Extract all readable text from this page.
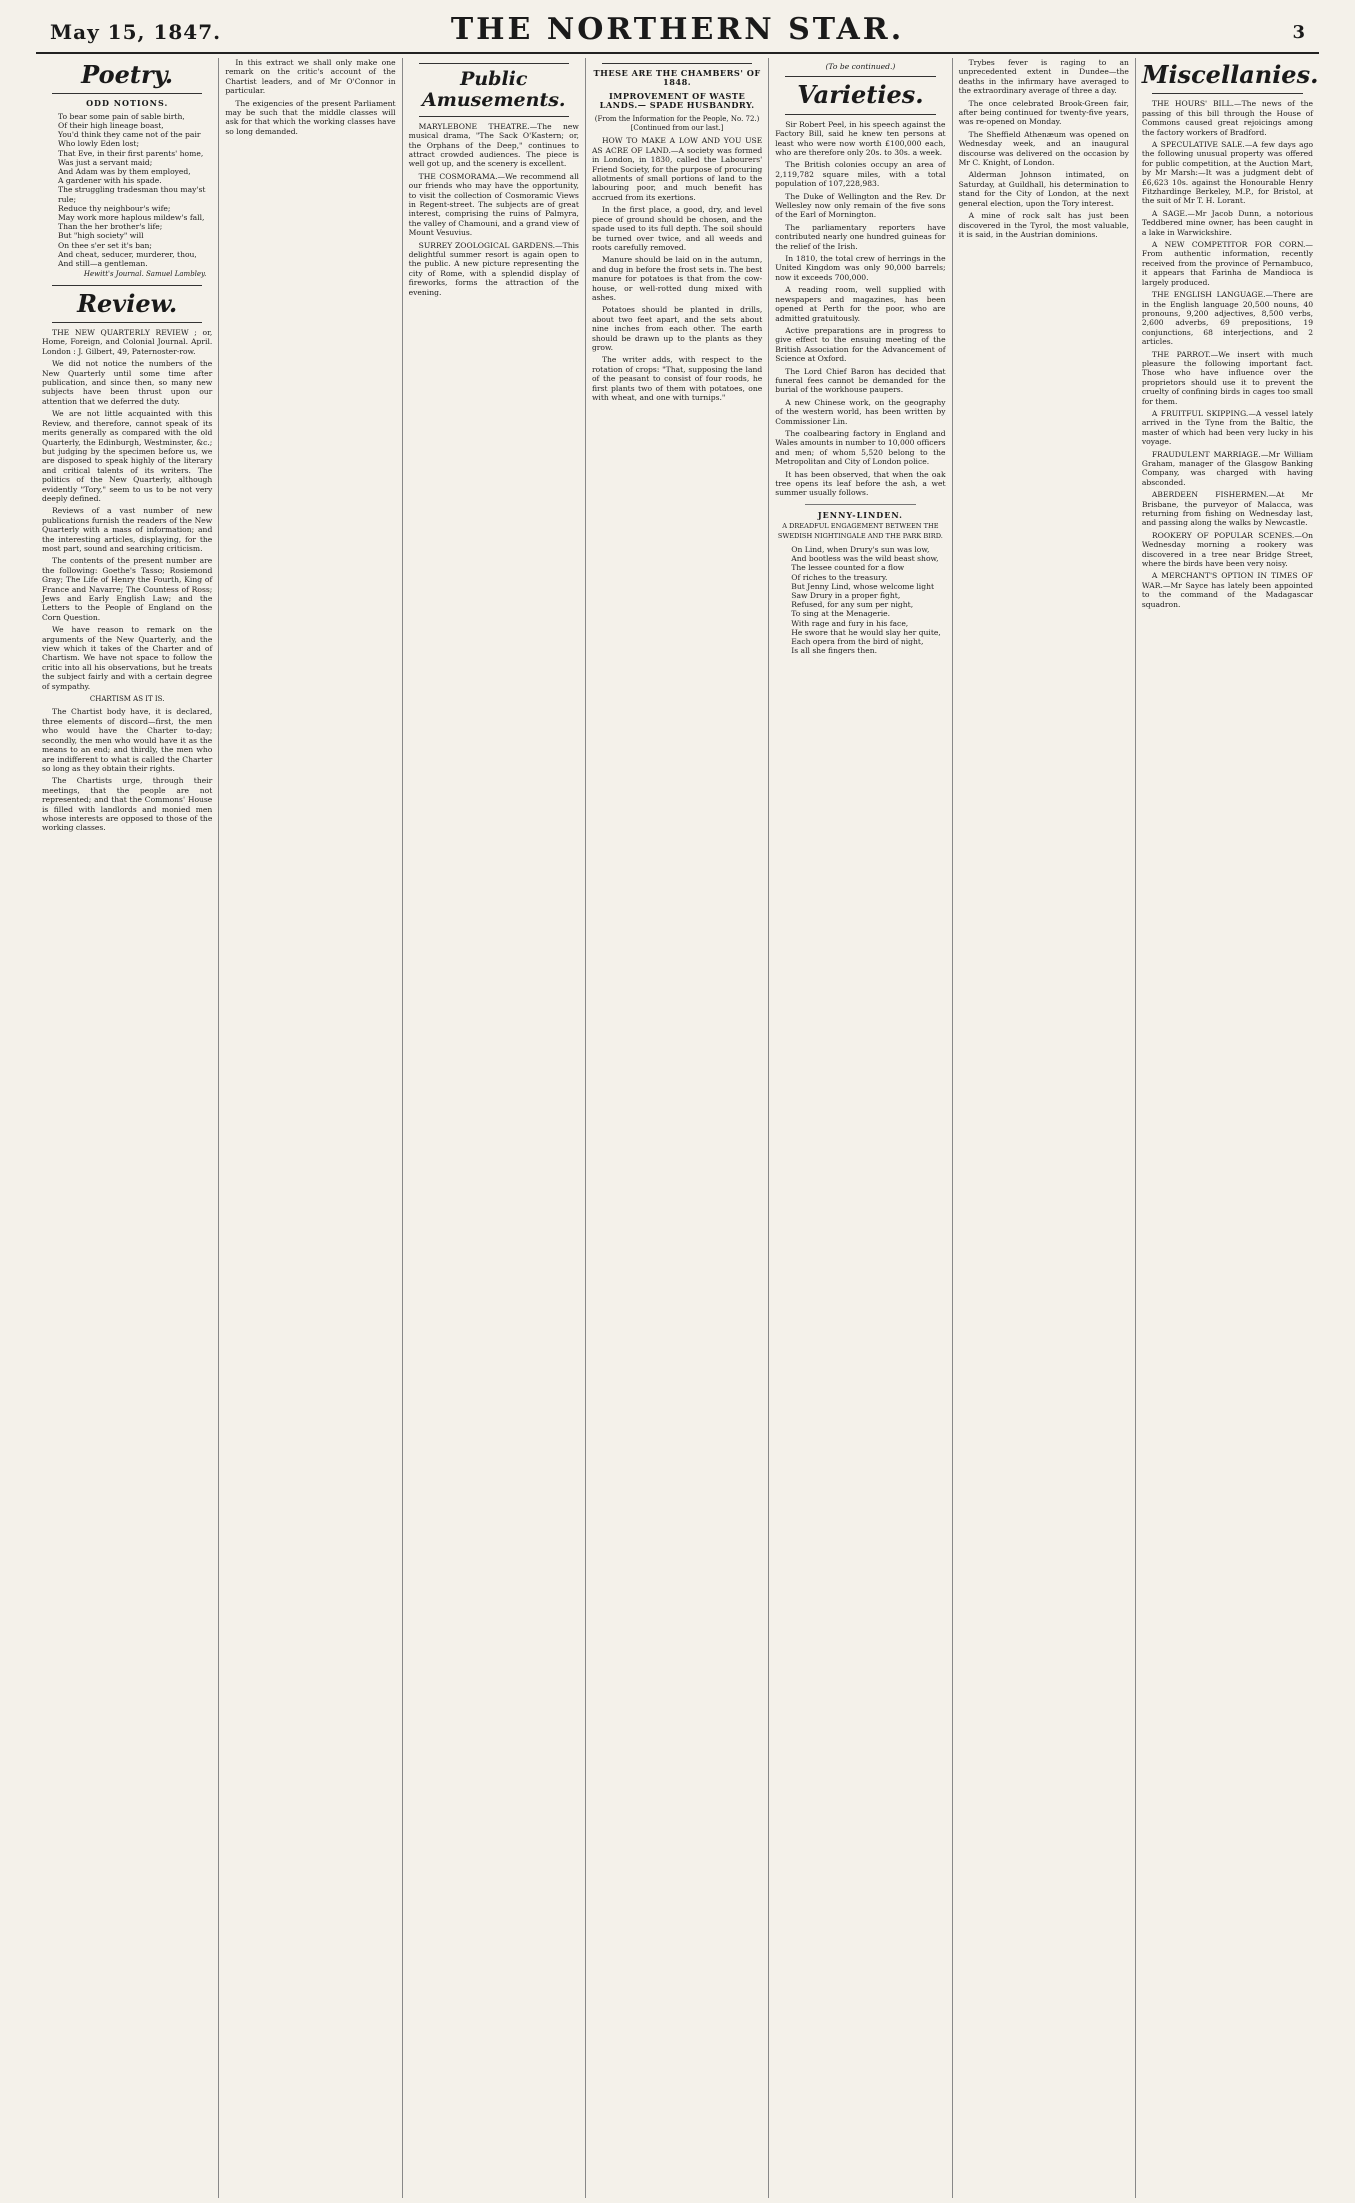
May 15, 1847.	THE NORTHERN STAR.	3
Poetry.
ODD NOTIONS.
To bear some pain of sable birth,
Of their high lineage boast,
You'd think they came not of the pair
Who lowly Eden lost;
That Eve, in their first parents' home,
Was just a servant maid;
And Adam was by them employed,
A gardener with his spade.
The struggling tradesman thou may'st rule;
Reduce thy neighbour's wife;
May work more haplous mildew's fall,
Than the her brother's life;
But "high society" will
On thee s'er set it's ban;
And cheat, seducer, murderer, thou,
And still—a gentleman.
Hewitt's Journal. Samuel Lambley.
Review.

THE NEW QUARTERLY REVIEW ; or, Home, Foreign, and Colonial Journal. April. London : J. Gilbert, 49, Paternoster-row.

We did not notice the numbers of the New Quarterly until some time after publication, and since then, so many new subjects have been thrust upon our attention that we deferred the duty.

We are not little acquainted with this Review, and therefore, cannot speak of its merits generally as compared with the old Quarterly, the Edinburgh, Westminster, &c.; but judging by the specimen before us, we are disposed to speak highly of the literary and critical talents of its writers. The politics of the New Quarterly, although evidently "Tory," seem to us to be not very deeply defined.

Reviews of a vast number of new publications furnish the readers of the New Quarterly with a mass of information; and the interesting articles, displaying, for the most part, sound and searching criticism.

The contents of the present number are the following: Goethe's Tasso; Rosiemond Gray; The Life of Henry the Fourth, King of France and Navarre; The Countess of Ross; Jews and Early English Law; and the Letters to the People of England on the Corn Question.

We have reason to remark on the arguments of the New Quarterly, and the view which it takes of the Charter and of Chartism. We have not space to follow the critic into all his observations, but he treats the subject fairly and with a certain degree of sympathy.

CHARTISM AS IT IS.

The Chartist body have, it is declared, three elements of discord—first, the men who would have the Charter to-day; secondly, the men who would have it as the means to an end; and thirdly, the men who are indifferent to what is called the Charter so long as they obtain their rights.

The Chartists urge, through their meetings, that the people are not represented; and that the Commons' House is filled with landlords and monied men whose interests are opposed to those of the working classes.

In this extract we shall only make one remark on the critic's account of the Chartist leaders, and of Mr O'Connor in particular.

The exigencies of the present Parliament may be such that the middle classes will ask for that which the working classes have so long demanded.

Public Amusements.

MARYLEBONE THEATRE.—The new musical drama, "The Sack O'Kastern; or, the Orphans of the Deep," continues to attract crowded audiences. The piece is well got up, and the scenery is excellent.

THE COSMORAMA.—We recommend all our friends who may have the opportunity, to visit the collection of Cosmoramic Views in Regent-street. The subjects are of great interest, comprising the ruins of Palmyra, the valley of Chamouni, and a grand view of Mount Vesuvius.

SURREY ZOOLOGICAL GARDENS.—This delightful summer resort is again open to the public. A new picture representing the city of Rome, with a splendid display of fireworks, forms the attraction of the evening.

THESE ARE THE CHAMBERS' OF 1848.
IMPROVEMENT OF WASTE LANDS.— SPADE HUSBANDRY.
(From the Information for the People, No. 72.) [Continued from our last.]

HOW TO MAKE A LOW AND YOU USE AS ACRE OF LAND.—A society was formed in London, in 1830, called the Labourers' Friend Society, for the purpose of procuring allotments of small portions of land to the labouring poor, and much benefit has accrued from its exertions.

In the first place, a good, dry, and level piece of ground should be chosen, and the spade used to its full depth. The soil should be turned over twice, and all weeds and roots carefully removed.

Manure should be laid on in the autumn, and dug in before the frost sets in. The best manure for potatoes is that from the cow-house, or well-rotted dung mixed with ashes.

Potatoes should be planted in drills, about two feet apart, and the sets about nine inches from each other. The earth should be drawn up to the plants as they grow.

The writer adds, with respect to the rotation of crops: "That, supposing the land of the peasant to consist of four roods, he first plants two of them with potatoes, one with wheat, and one with turnips."

(To be continued.)
Varieties.

Sir Robert Peel, in his speech against the Factory Bill, said he knew ten persons at least who were now worth £100,000 each, who are therefore only 20s. to 30s. a week.

The British colonies occupy an area of 2,119,782 square miles, with a total population of 107,228,983.

The Duke of Wellington and the Rev. Dr Wellesley now only remain of the five sons of the Earl of Mornington.

The parliamentary reporters have contributed nearly one hundred guineas for the relief of the Irish.

In 1810, the total crew of herrings in the United Kingdom was only 90,000 barrels; now it exceeds 700,000.

A reading room, well supplied with newspapers and magazines, has been opened at Perth for the poor, who are admitted gratuitously.

Active preparations are in progress to give effect to the ensuing meeting of the British Association for the Advancement of Science at Oxford.

The Lord Chief Baron has decided that funeral fees cannot be demanded for the burial of the workhouse paupers.

A new Chinese work, on the geography of the western world, has been written by Commissioner Lin.

The coalbearing factory in England and Wales amounts in number to 10,000 officers and men; of whom 5,520 belong to the Metropolitan and City of London police.

It has been observed, that when the oak tree opens its leaf before the ash, a wet summer usually follows.

JENNY-LINDEN.
A DREADFUL ENGAGEMENT BETWEEN THE SWEDISH NIGHTINGALE AND THE PARK BIRD.
On Lind, when Drury's sun was low,
And bootless was the wild beast show,
The lessee counted for a flow
Of riches to the treasury.
But Jenny Lind, whose welcome light
Saw Drury in a proper fight,
Refused, for any sum per night,
To sing at the Menagerie.
With rage and fury in his face,
He swore that he would slay her quite,
Each opera from the bird of night,
Is all she fingers then.

Trybes fever is raging to an unprecedented extent in Dundee—the deaths in the infirmary have averaged to the extraordinary average of three a day.

The once celebrated Brook-Green fair, after being continued for twenty-five years, was re-opened on Monday.

The Sheffield Athenæum was opened on Wednesday week, and an inaugural discourse was delivered on the occasion by Mr C. Knight, of London.

Alderman Johnson intimated, on Saturday, at Guildhall, his determination to stand for the City of London, at the next general election, upon the Tory interest.

A mine of rock salt has just been discovered in the Tyrol, the most valuable, it is said, in the Austrian dominions.

Miscellanies.

THE HOURS' BILL.—The news of the passing of this bill through the House of Commons caused great rejoicings among the factory workers of Bradford.

A SPECULATIVE SALE.—A few days ago the following unusual property was offered for public competition, at the Auction Mart, by Mr Marsh:—It was a judgment debt of £6,623 10s. against the Honourable Henry Fitzhardinge Berkeley, M.P., for Bristol, at the suit of Mr T. H. Lorant.

A SAGE.—Mr Jacob Dunn, a notorious Teddbered mine owner, has been caught in a lake in Warwickshire.

A NEW COMPETITOR FOR CORN.—From authentic information, recently received from the province of Pernambuco, it appears that Farinha de Mandioca is largely produced.

THE ENGLISH LANGUAGE.—There are in the English language 20,500 nouns, 40 pronouns, 9,200 adjectives, 8,500 verbs, 2,600 adverbs, 69 prepositions, 19 conjunctions, 68 interjections, and 2 articles.

THE PARROT.—We insert with much pleasure the following important fact. Those who have influence over the proprietors should use it to prevent the cruelty of confining birds in cages too small for them.

A FRUITFUL SKIPPING.—A vessel lately arrived in the Tyne from the Baltic, the master of which had been very lucky in his voyage.

FRAUDULENT MARRIAGE.—Mr William Graham, manager of the Glasgow Banking Company, was charged with having absconded.

ABERDEEN FISHERMEN.—At Mr Brisbane, the purveyor of Malacca, was returning from fishing on Wednesday last, and passing along the walks by Newcastle.

ROOKERY OF POPULAR SCENES.—On Wednesday morning a rookery was discovered in a tree near Bridge Street, where the birds have been very noisy.

A MERCHANT'S OPTION IN TIMES OF WAR.—Mr Sayce has lately been appointed to the command of the Madagascar squadron.
